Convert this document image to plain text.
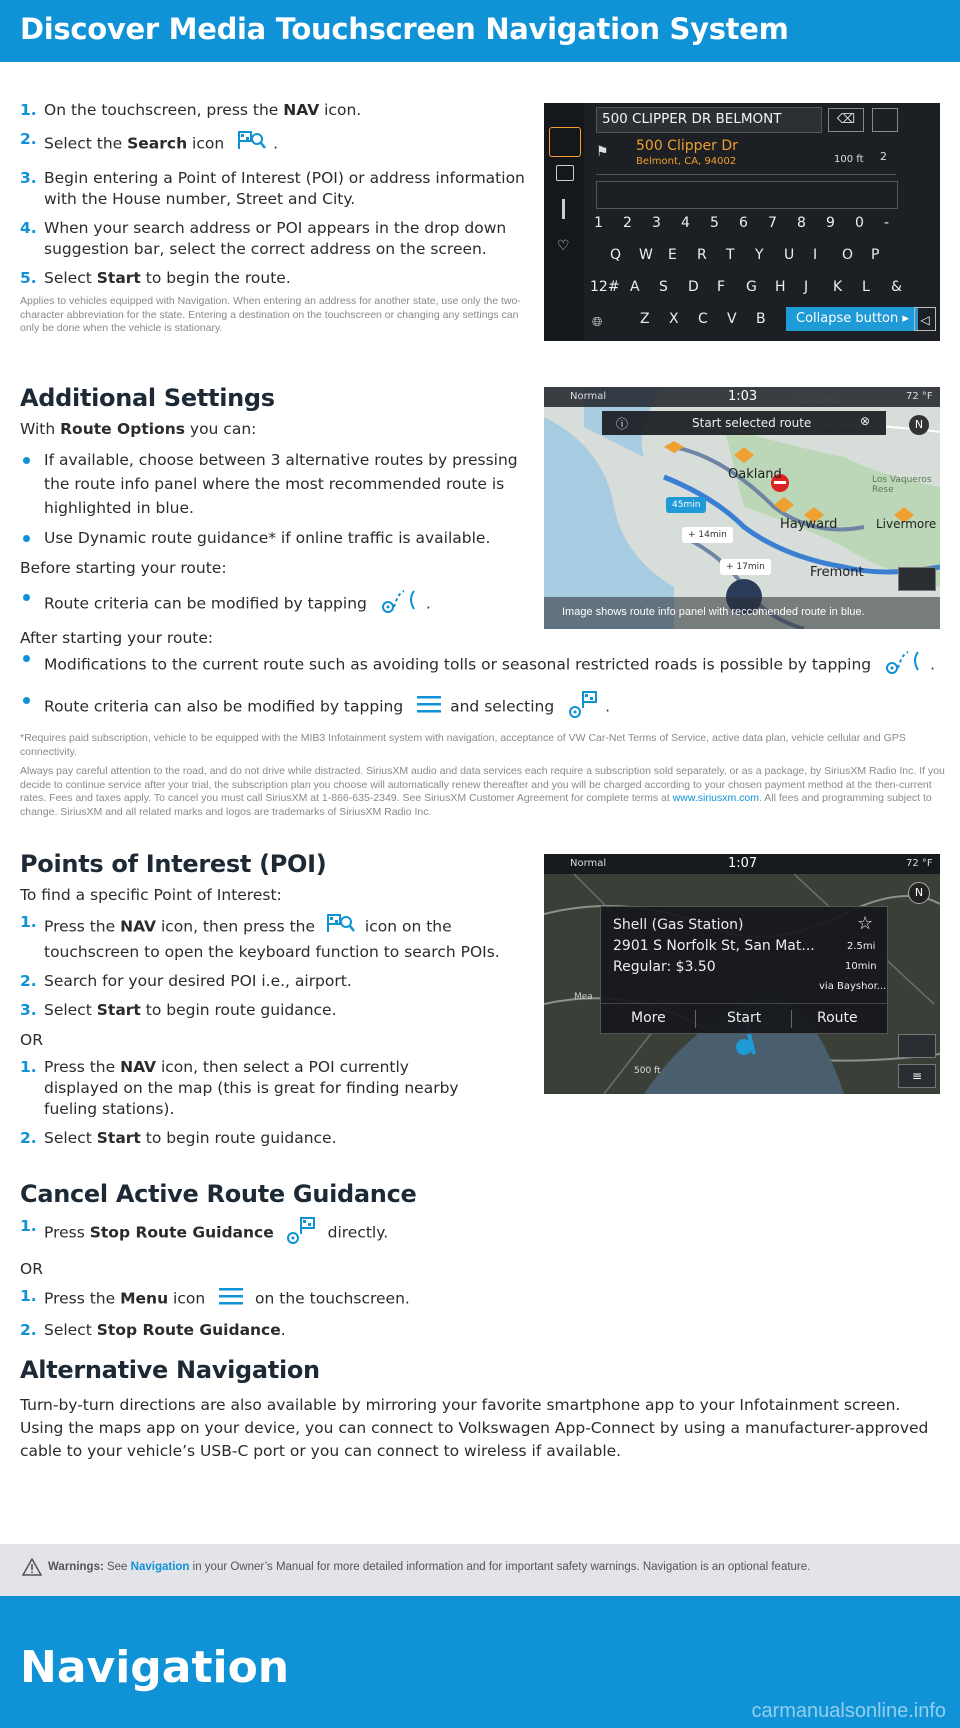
Discover Media Touchscreen Navigation System
1. On the touchscreen, press the NAV icon.
2. Select the Search icon	.
3. Begin entering a Point of Interest (POI) or address information with the House number, Street and City.
4. When your search address or POI appears in the drop down suggestion bar, select the correct address on the screen.
5. Select Start to begin the route.

Applies to vehicles equipped with Navigation. When entering an address for another state, use only the two-character abbreviation for the state. Entering a destination on the touchscreen or changing any settings can only be done when the vehicle is stationary.

♡
500 CLIPPER DR BELMONT	⌫
⚑ 500 Clipper Dr
Belmont, CA, 94002	100 ft 2
1 2 3 4 5 6 7 8 9 0 -
Q W E R T Y U I O P
12# A S D F G H J K L &
Z X C V B
🌐︎	Collapse button ▸ ◁
Additional Settings

With Route Options you can:

If available, choose between 3 alternative routes by pressing the route info panel where the most recommended route is highlighted in blue.
Use Dynamic route guidance* if online traffic is available.

Before starting your route:

Route criteria can be modified by tapping	.

After starting your route:

Modifications to the current route such as avoiding tolls or seasonal restricted roads is possible by tapping	.
Route criteria can also be modified by tapping	and selecting	.

*Requires paid subscription, vehicle to be equipped with the MIB3 Infotainment system with navigation, acceptance of VW Car-Net Terms of Service, active data plan, vehicle cellular and GPS connectivity.

Always pay careful attention to the road, and do not drive while distracted. SiriusXM audio and data services each require a subscription sold separately, or as a package, by SiriusXM Radio Inc. If you decide to continue service after your trial, the subscription plan you choose will automatically renew thereafter and you will be charged according to your chosen payment method at the then-current rates. Fees and taxes apply. To cancel you must call SiriusXM at 1-866-635-2349. See SiriusXM Customer Agreement for complete terms at www.siriusxm.com. All fees and programming subject to change. SiriusXM and all related marks and logos are trademarks of SiriusXM Radio Inc.

Normal	1:03	72 °F
ⓘ	Start selected route	⊗	N
Oakland
Hayward
Fremont
Livermore
Los Vaqueros Rese
Concord
45min
+ 14min
+ 17min
Image shows route info panel with reccomended route in blue.
Points of Interest (POI)

To find a specific Point of Interest:

1. Press the NAV icon, then press the	icon on the touchscreen to open the keyboard function to search POIs.
2. Search for your desired POI i.e., airport.
3. Select Start to begin route guidance.

OR

1. Press the NAV icon, then select a POI currently displayed on the map (this is great for finding nearby fueling stations).
2. Select Start to begin route guidance.
Normal	1:07	72 °F
N
Shell (Gas Station)	☆
2901 S Norfolk St, San Mat...
Regular: $3.50
2.5mi
10min
via Bayshor...
More	Start	Route
Mea
500 ft	≡
Cancel Active Route Guidance
1. Press Stop Route Guidance	directly.

OR

1. Press the Menu icon	on the touchscreen.
2. Select Stop Route Guidance.
Alternative Navigation

Turn-by-turn directions are also available by mirroring your favorite smartphone app to your Infotainment screen. Using the maps app on your device, you can connect to Volkswagen App-Connect by using a manufacturer-approved cable to your vehicle’s USB-C port or you can connect to wireless if available.

Warnings: See Navigation in your Owner’s Manual for more detailed information and for important safety warnings. Navigation is an optional feature.

Navigation
carmanualsonline.info
